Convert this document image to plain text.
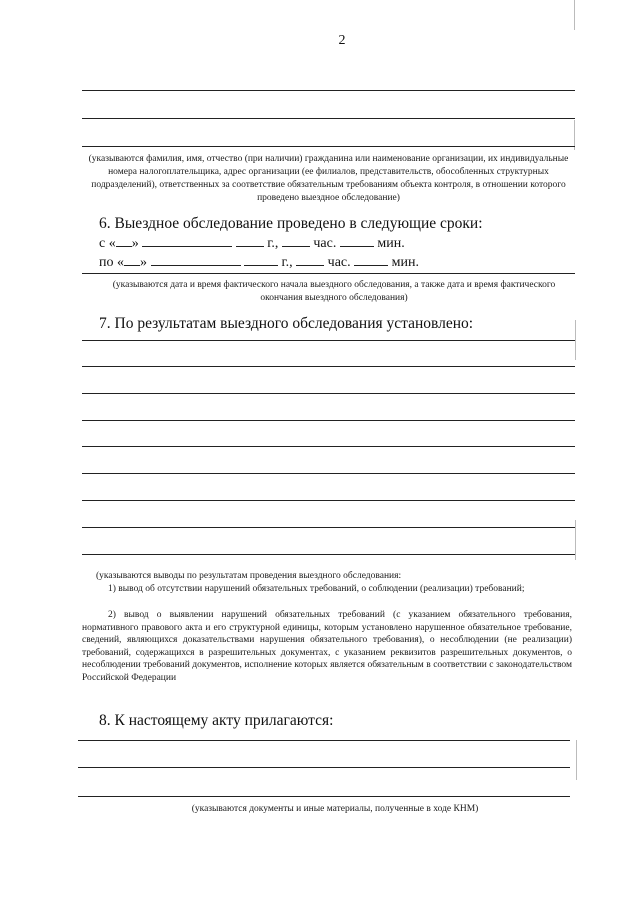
2
(указываются фамилия, имя, отчество (при наличии) гражданина или наименование организации, их индивидуальные номера налогоплательщика, адрес организации (ее филиалов, представительств, обособленных структурных подразделений), ответственных за соответствие обязательным требованиям объекта контроля, в отношении которого проведено выездное обследование)
6. Выездное обследование проведено в следующие сроки:
с « »	г.,	час.	мин.
по « »	г.,	час.	мин.
(указываются дата и время фактического начала выездного обследования, а также дата и время фактического окончания выездного обследования)
7. По результатам выездного обследования установлено:
(указываются выводы по результатам проведения выездного обследования:
1) вывод об отсутствии нарушений обязательных требований, о соблюдении (реализации) требований;
2) вывод о выявлении нарушений обязательных требований (с указанием обязательного требования, нормативного правового акта и его структурной единицы, которым установлено нарушенное обязательное требование, сведений, являющихся доказательствами нарушения обязательного требования), о несоблюдении (не реализации) требований, содержащихся в разрешительных документах, с указанием реквизитов разрешительных документов, о несоблюдении требований документов, исполнение которых является обязательным в соответствии с законодательством Российской Федерации
8. К настоящему акту прилагаются:
(указываются документы и иные материалы, полученные в ходе КНМ)
